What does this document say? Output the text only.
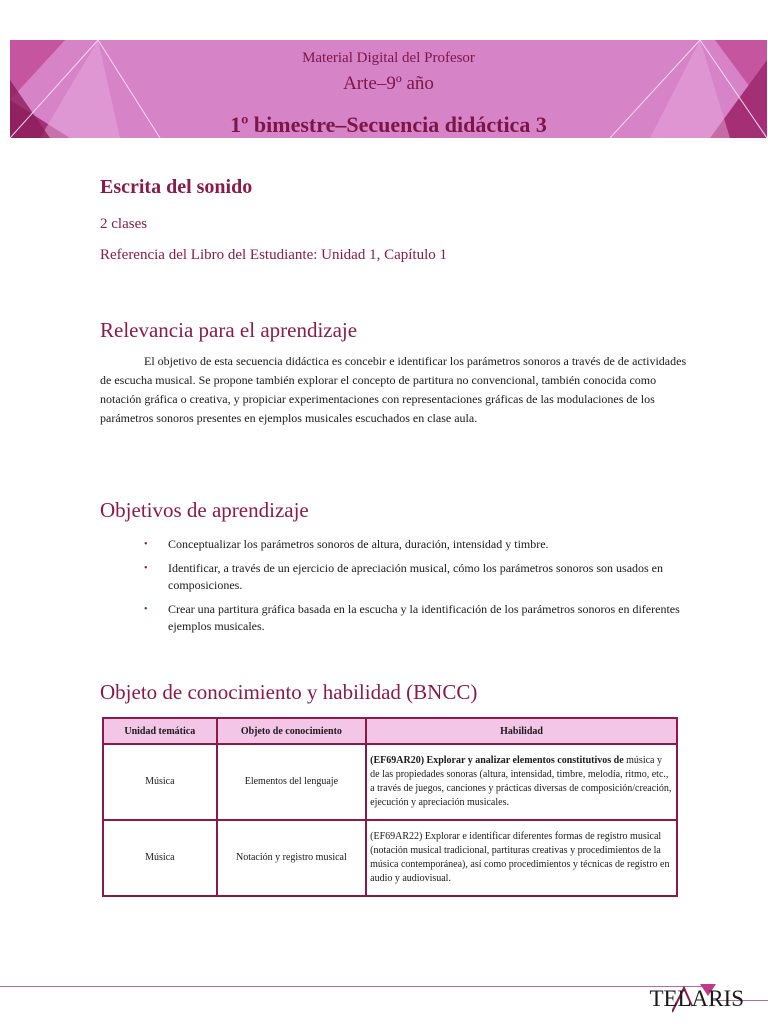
Material Digital del Profesor
Arte–9º año
1º bimestre–Secuencia didáctica 3
Escrita del sonido
2 clases
Referencia del Libro del Estudiante: Unidad 1, Capítulo 1
Relevancia para el aprendizaje
El objetivo de esta secuencia didáctica es concebir e identificar los parámetros sonoros a través de de actividades de escucha musical. Se propone también explorar el concepto de partitura no convencional, también conocida como notación gráfica o creativa, y propiciar experimentaciones con representaciones gráficas de las modulaciones de los parámetros sonoros presentes en ejemplos musicales escuchados en clase aula.
Objetivos de aprendizaje
• Conceptualizar los parámetros sonoros de altura, duración, intensidad y timbre.
• Identificar, a través de un ejercicio de apreciación musical, cómo los parámetros sonoros son usados en composiciones.
• Crear una partitura gráfica basada en la escucha y la identificación de los parámetros sonoros en diferentes ejemplos musicales.
Objeto de conocimiento y habilidad (BNCC)
Unidad temática	Objeto de conocimiento	Habilidad
Música	Elementos del lenguaje	(EF69AR20) Explorar y analizar elementos constitutivos de música y de las propiedades sonoras (altura, intensidad, timbre, melodía, ritmo, etc., a través de juegos, canciones y prácticas diversas de composición/creación, ejecución y apreciación musicales.
Música	Notación y registro musical	(EF69AR22) Explorar e identificar diferentes formas de registro musical (notación musical tradicional, partituras creativas y procedimientos de la música contemporánea), así como procedimientos y técnicas de registro en audio y audiovisual.
TELARIS
